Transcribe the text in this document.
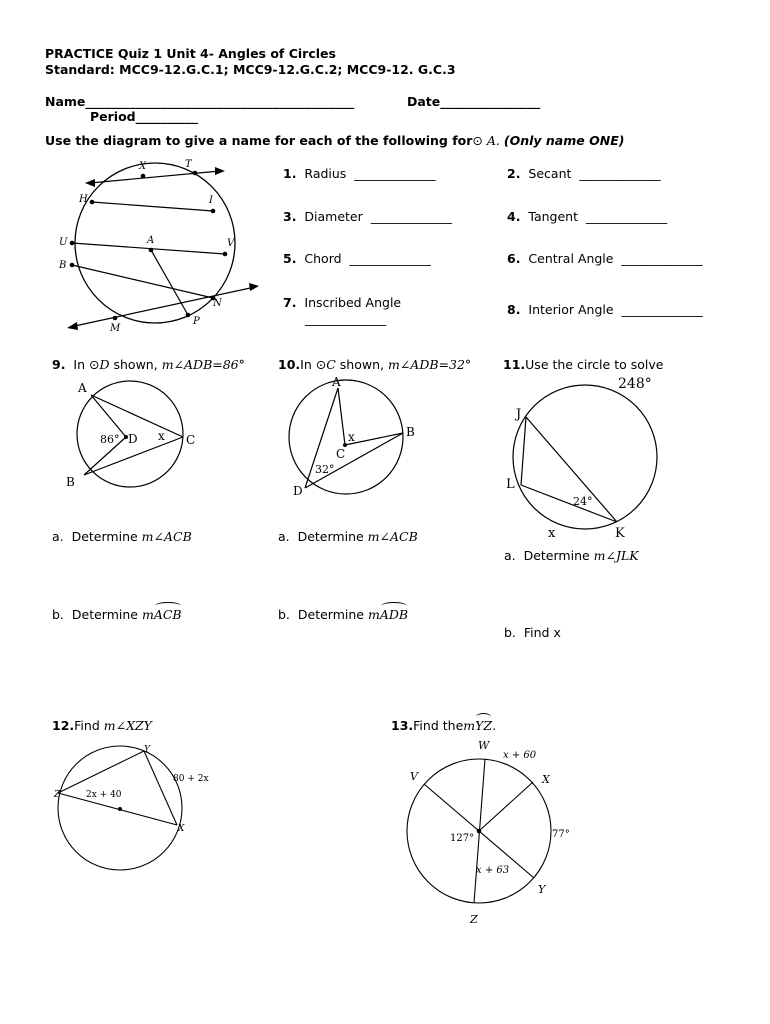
PRACTICE Quiz 1 Unit 4- Angles of Circles
Standard: MCC9-12.G.C.1; MCC9-12.G.C.2; MCC9-12. G.C.3
Name___________________________________________	Date________________
Period__________
Use the diagram to give a name for each of the following for⊙ A. (Only name ONE)
X	T
H	I
U	A	V
B
N
M
P
1. Radius _____________	2. Secant _____________
3. Diameter _____________	4. Tangent _____________
5. Chord _____________	6. Central Angle _____________
7. Inscribed Angle
_____________
8. Interior Angle _____________
9. In ⊙D shown, m∠ADB=86°
A
B
C
D
86°	x
a. Determine m∠ACB
b. Determine mACB
10.In ⊙C shown, m∠ADB=32°
A
B
C
D
32°
x
a. Determine m∠ACB
b. Determine mADB
11.Use the circle to solve
248°
J
L
K
24°
x
a. Determine m∠JLK
b. Find x
12.Find m∠XZY
Y
Z
X
80 + 2x
2x + 40
13.Find themYZ.
W
V	X
Y
Z
x + 60
127°	77°
x + 63
